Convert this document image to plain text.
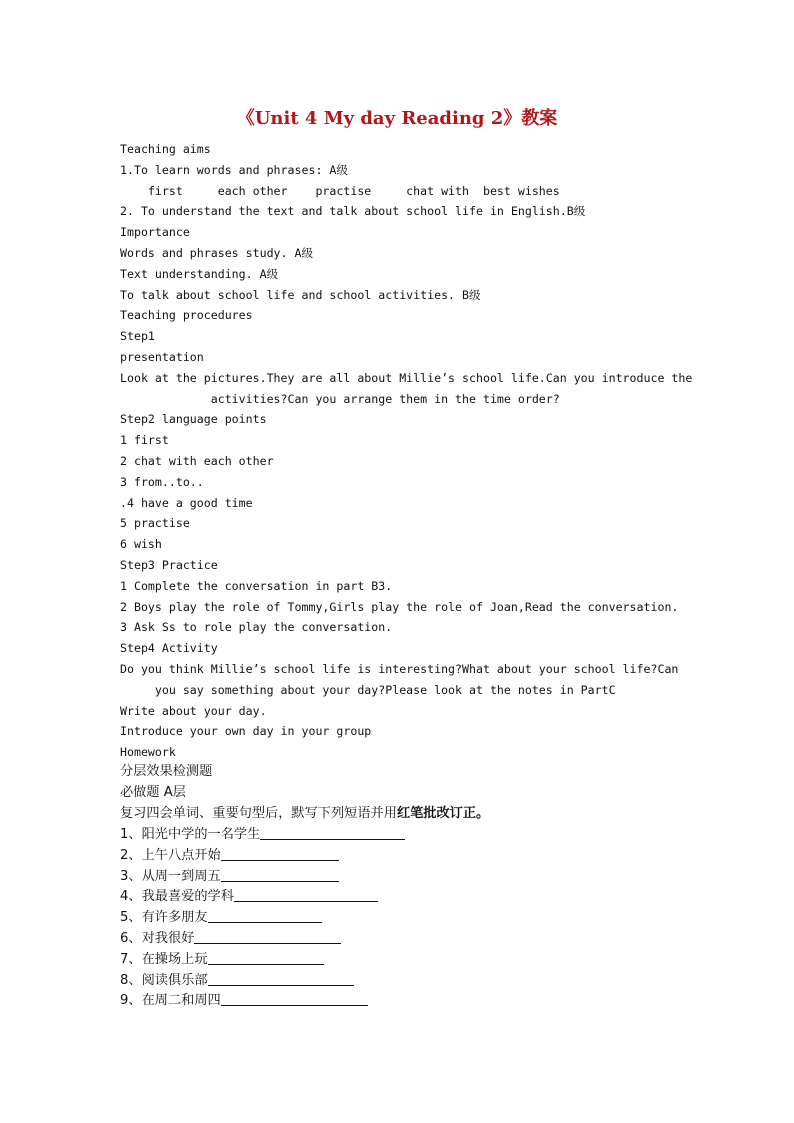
《Unit 4 My day Reading 2》教案
Teaching aims
1.To learn words and phrases: A级
first     each other    practise     chat with  best wishes
2. To understand the text and talk about school life in English.B级
Importance
Words and phrases study. A级
Text understanding. A级
To talk about school life and school activities. B级
Teaching procedures
Step1
presentation
Look at the pictures.They are all about Millie’s school life.Can you introduce the
activities?Can you arrange them in the time order?
Step2 language points
1 first
2 chat with each other
3 from..to..
.4 have a good time
5 practise
6 wish
Step3 Practice
1 Complete the conversation in part B3.
2 Boys play the role of Tommy,Girls play the role of Joan,Read the conversation.
3 Ask Ss to role play the conversation.
Step4 Activity
Do you think Millie’s school life is interesting?What about your school life?Can
you say something about your day?Please look at the notes in PartC
Write about your day.
Introduce your own day in your group
Homework
分层效果检测题
必做题 A层
复习四会单词、重要句型后，默写下列短语并用红笔批改订正。
1、阳光中学的一名学生
2、上午八点开始
3、从周一到周五
4、我最喜爱的学科
5、有许多朋友
6、对我很好
7、在操场上玩
8、阅读俱乐部
9、在周二和周四
